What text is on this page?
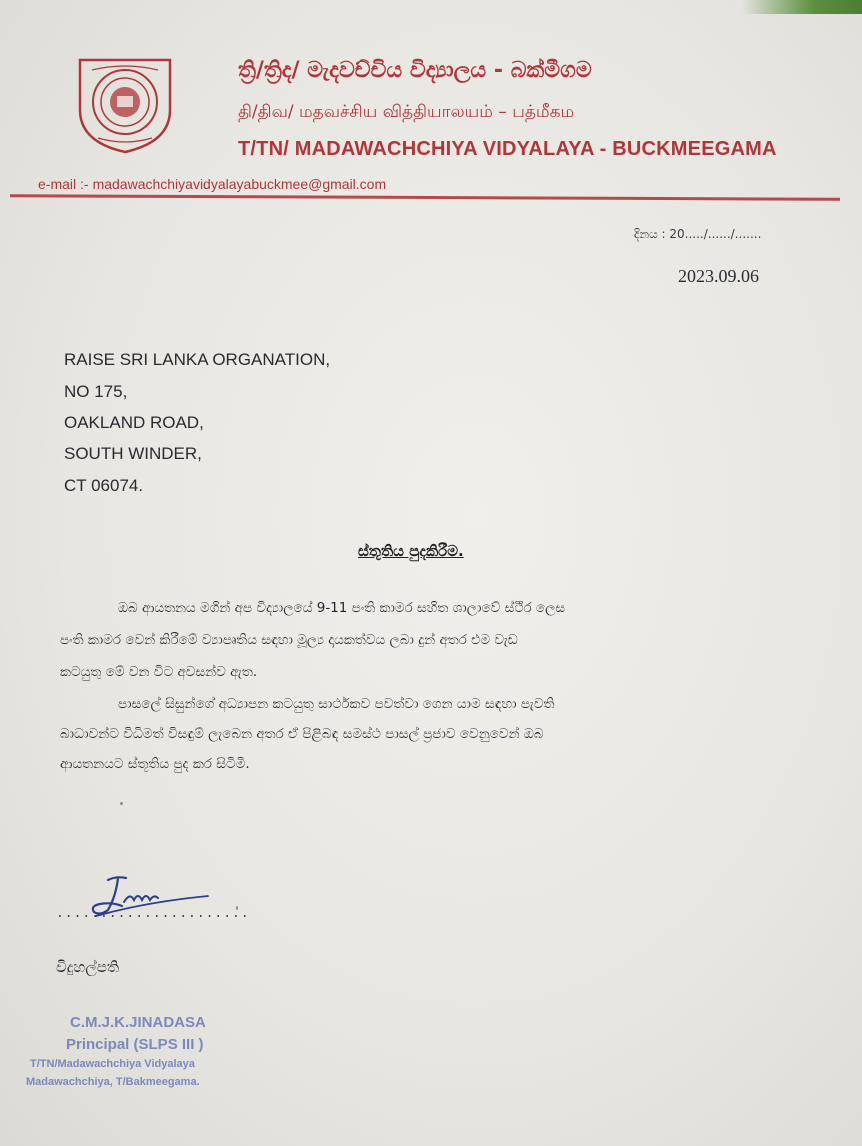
ත්‍රි/ත්‍රිද/ මැදවච්චිය විද්‍යාලය - බක්මීගම
தி/திவ/ மதவச்சிய வித்தியாலயம் – பத்மீகம
T/TN/ MADAWACHCHIYA VIDYALAYA - BUCKMEEGAMA
e-mail :- madawachchiyavidyalayabuckmee@gmail.com
දිනය : 20...../....../.......
2023.09.06
RAISE SRI LANKA ORGANATION,
NO 175,
OAKLAND ROAD,
SOUTH WINDER,
CT 06074.
ස්තූතිය පුදකිරීම.
ඔබ ආයතනය මගින් අප විද්‍යාලයේ 9-11 පංති කාමර සහිත ශාලාවේ ස්ථිර ලෙස
පංති කාමර වෙන් කිරීමේ ව්‍යාපෘතිය සඳහා මූල්‍ය දායකත්වය ලබා දුන් අතර එම වැඩ
කටයුතු මේ වන විට අවසන්ව ඇත.
පාසලේ සිසුන්ගේ අධ්‍යාපන කටයුතු සාර්ථකව පවත්වා ගෙන යාම සඳහා පැවති
බාධාවන්ට විධිමත් විසඳුම් ලැබෙන අතර ඒ පිළිබඳ සමස්ථ පාසල් ප්‍රජාව වෙනුවෙන් ඔබ
ආයතනයට ස්තූතිය පුද කර සිටිමි.
......................
විදුහල්පති
C.M.J.K.JINADASA
Principal (SLPS III )
T/TN/Madawachchiya Vidyalaya
Madawachchiya, T/Bakmeegama.
